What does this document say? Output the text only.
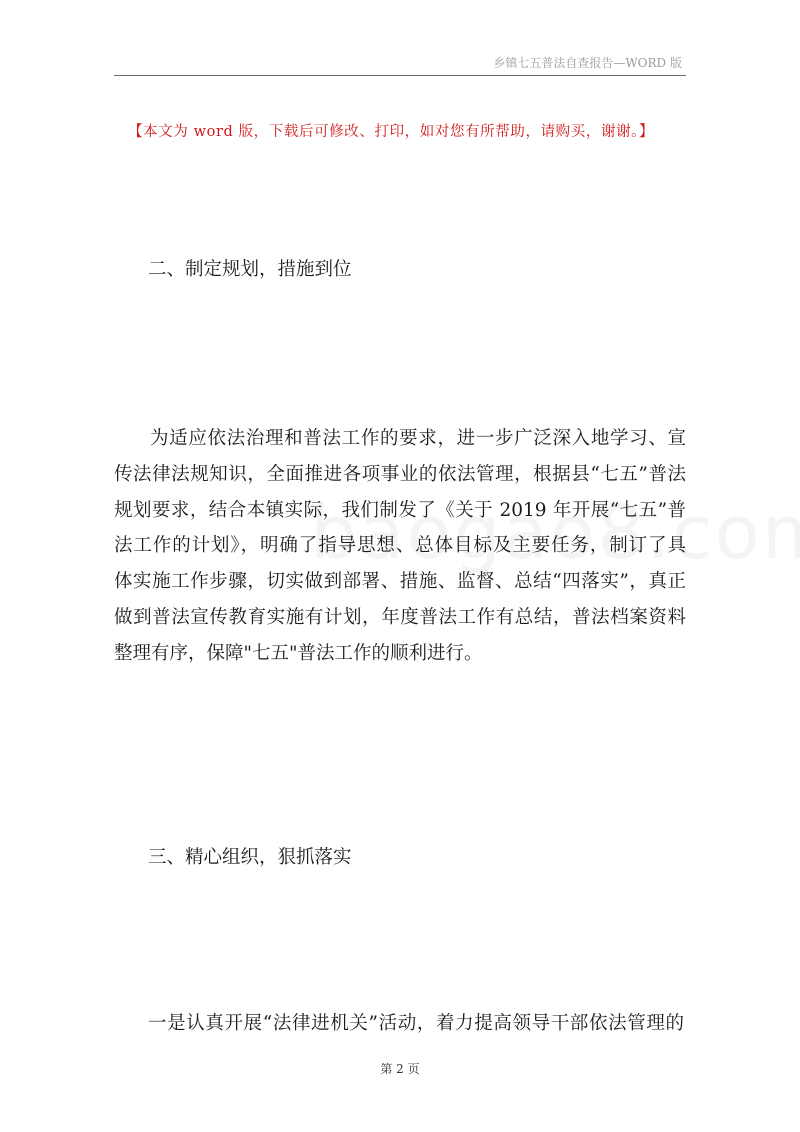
乡镇七五普法自查报告—WORD 版
【本文为 word 版，下载后可修改、打印，如对您有所帮助，请购买，谢谢。】
二、制定规划，措施到位
为适应依法治理和普法工作的要求，进一步广泛深入地学习、宣
传法律法规知识，全面推进各项事业的依法管理，根据县“七五”普法
规划要求，结合本镇实际，我们制发了《关于 2019 年开展“七五”普
法工作的计划》，明确了指导思想、总体目标及主要任务，制订了具
体实施工作步骤，切实做到部署、措施、监督、总结“四落实”，真正
做到普法宣传教育实施有计划，年度普法工作有总结，普法档案资料
整理有序，保障"七五"普法工作的顺利进行。
三、精心组织，狠抓落实
一是认真开展“法律进机关”活动，着力提高领导干部依法管理的
第 2 页
